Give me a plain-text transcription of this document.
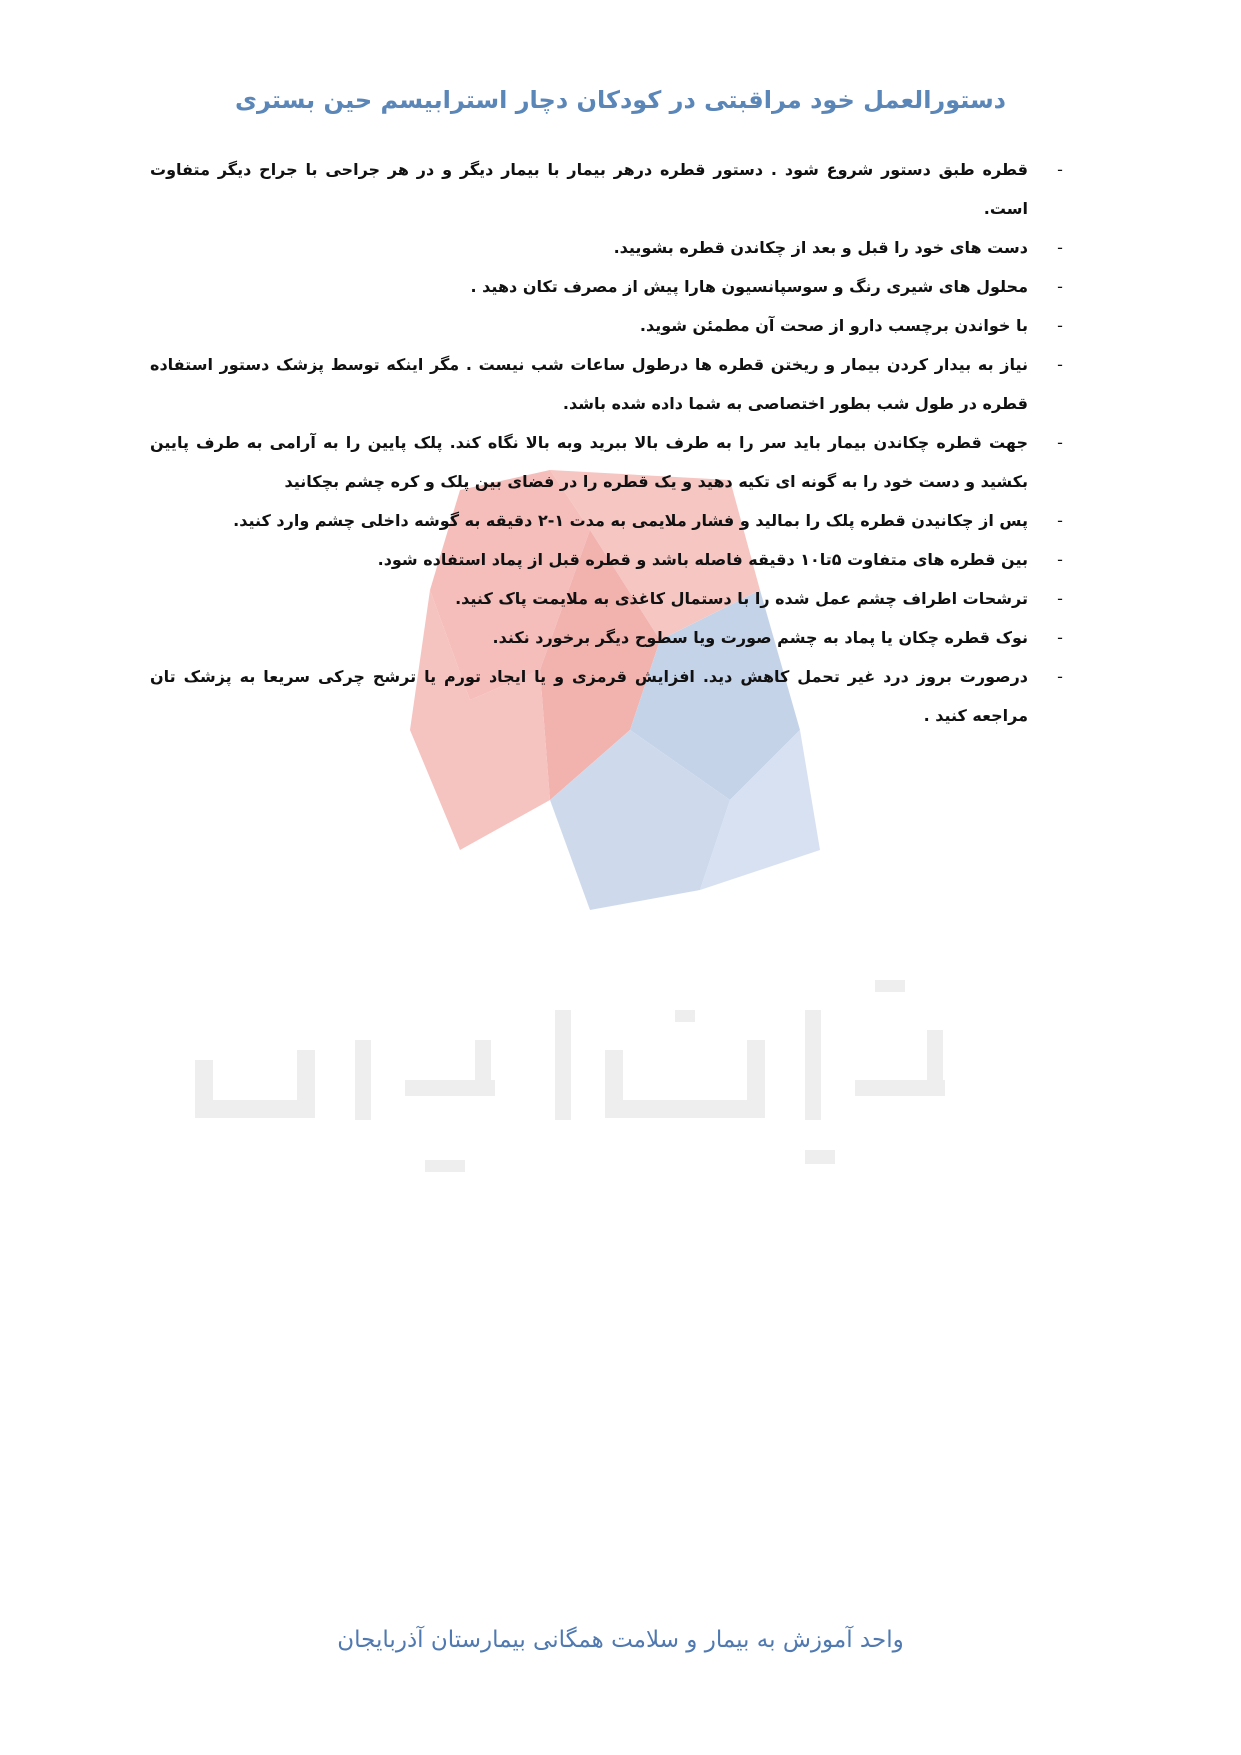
دستورالعمل خود مراقبتی در کودکان دچار استرابیسم حین بستری
-
قطره طبق دستور شروع شود . دستور قطره درهر بیمار با بیمار دیگر و در هر جراحی با جراح دیگر متفاوت است.
-
دست های خود را قبل و بعد از چکاندن قطره بشویید.
-
محلول های شیری رنگ و سوسپانسیون هارا پیش از مصرف تکان دهید .
-
با خواندن برچسب دارو از صحت آن مطمئن شوید.
-
نیاز به بیدار کردن بیمار و ریختن قطره ها درطول ساعات شب نیست . مگر اینکه توسط پزشک دستور استفاده قطره در طول شب بطور اختصاصی به شما داده شده باشد.
-
جهت قطره چکاندن بیمار باید سر را به طرف بالا ببرید وبه بالا نگاه کند. پلک پایین را به آرامی به طرف پایین بکشید و دست خود را به گونه ای تکیه دهید و یک قطره را در فضای بین پلک و کره چشم بچکانید
-
پس از چکانیدن قطره پلک را بمالید و فشار ملایمی به مدت ۱-۲ دقیقه به گوشه داخلی چشم وارد کنید.
-
بین قطره های متفاوت ۵تا۱۰ دقیقه فاصله باشد و قطره قبل از پماد استفاده شود.
-
ترشحات اطراف چشم عمل شده را با دستمال کاغذی به ملایمت پاک کنید.
-
نوک قطره چکان یا پماد به چشم صورت ویا سطوح دیگر برخورد نکند.
-
درصورت بروز درد غیر تحمل کاهش دید. افزایش قرمزی و یا ایجاد تورم یا ترشح چرکی سریعا به پزشک تان مراجعه کنید .
واحد آموزش به بیمار و سلامت همگانی بیمارستان آذربایجان
